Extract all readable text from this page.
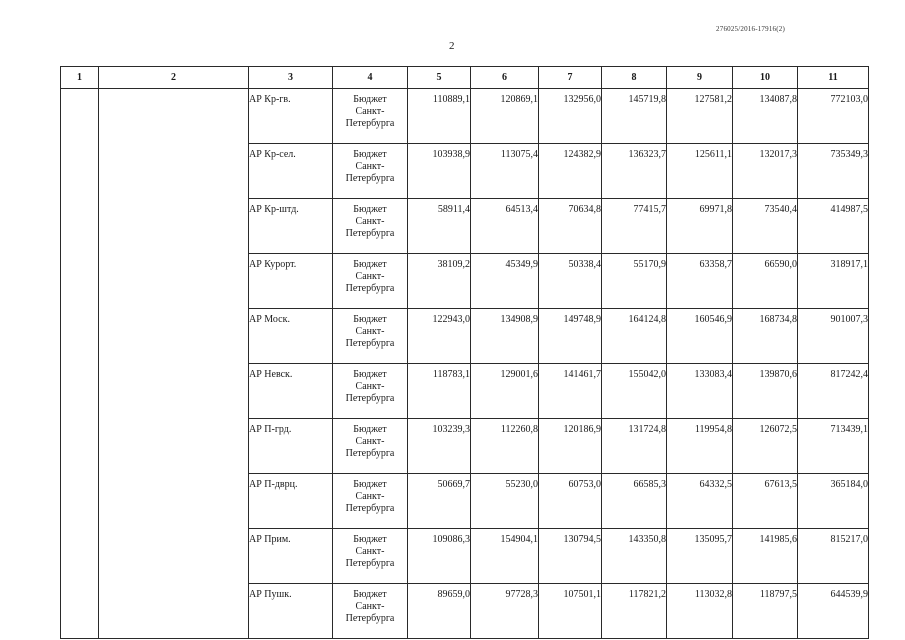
276025/2016-17916(2)
2
1	2	3	4	5	6	7	8	9	10	11
		АР Кр-гв.	Бюджет
Санкт-
Петербурга	110889,1	120869,1	132956,0	145719,8	127581,2	134087,8	772103,0
		АР Кр-сел.	Бюджет
Санкт-
Петербурга	103938,9	113075,4	124382,9	136323,7	125611,1	132017,3	735349,3
		АР Кр-штд.	Бюджет
Санкт-
Петербурга	58911,4	64513,4	70634,8	77415,7	69971,8	73540,4	414987,5
		АР Курорт.	Бюджет
Санкт-
Петербурга	38109,2	45349,9	50338,4	55170,9	63358,7	66590,0	318917,1
		АР Моск.	Бюджет
Санкт-
Петербурга	122943,0	134908,9	149748,9	164124,8	160546,9	168734,8	901007,3
		АР Невск.	Бюджет
Санкт-
Петербурга	118783,1	129001,6	141461,7	155042,0	133083,4	139870,6	817242,4
		АР П-грд.	Бюджет
Санкт-
Петербурга	103239,3	112260,8	120186,9	131724,8	119954,8	126072,5	713439,1
		АР П-дврц.	Бюджет
Санкт-
Петербурга	50669,7	55230,0	60753,0	66585,3	64332,5	67613,5	365184,0
		АР Прим.	Бюджет
Санкт-
Петербурга	109086,3	154904,1	130794,5	143350,8	135095,7	141985,6	815217,0
		АР Пушк.	Бюджет
Санкт-
Петербурга	89659,0	97728,3	107501,1	117821,2	113032,8	118797,5	644539,9
